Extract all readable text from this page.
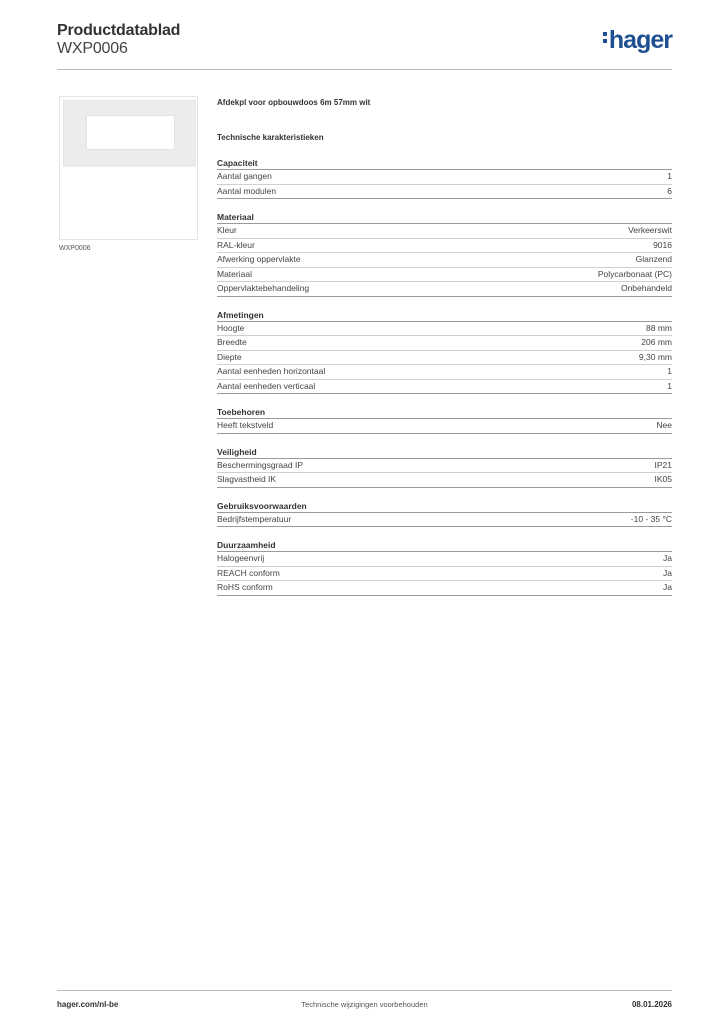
Productdatablad
WXP0006	hager
WXP0006
Afdekpl voor opbouwdoos 6m 57mm wit
Technische karakteristieken
Capaciteit
Aantal gangen	1
Aantal modulen	6
Materiaal
Kleur	Verkeerswit
RAL-kleur	9016
Afwerking oppervlakte	Glanzend
Materiaal	Polycarbonaat (PC)
Oppervlaktebehandeling	Onbehandeld
Afmetingen
Hoogte	88 mm
Breedte	206 mm
Diepte	9,30 mm
Aantal eenheden horizontaal	1
Aantal eenheden verticaal	1
Toebehoren
Heeft tekstveld	Nee
Veiligheid
Beschermingsgraad IP	IP21
Slagvastheid IK	IK05
Gebruiksvoorwaarden
Bedrijfstemperatuur	-10 - 35 °C
Duurzaamheid
Halogeenvrij	Ja
REACH conform	Ja
RoHS conform	Ja
hager.com/nl-be	Technische wijzigingen voorbehouden	08.01.2026
